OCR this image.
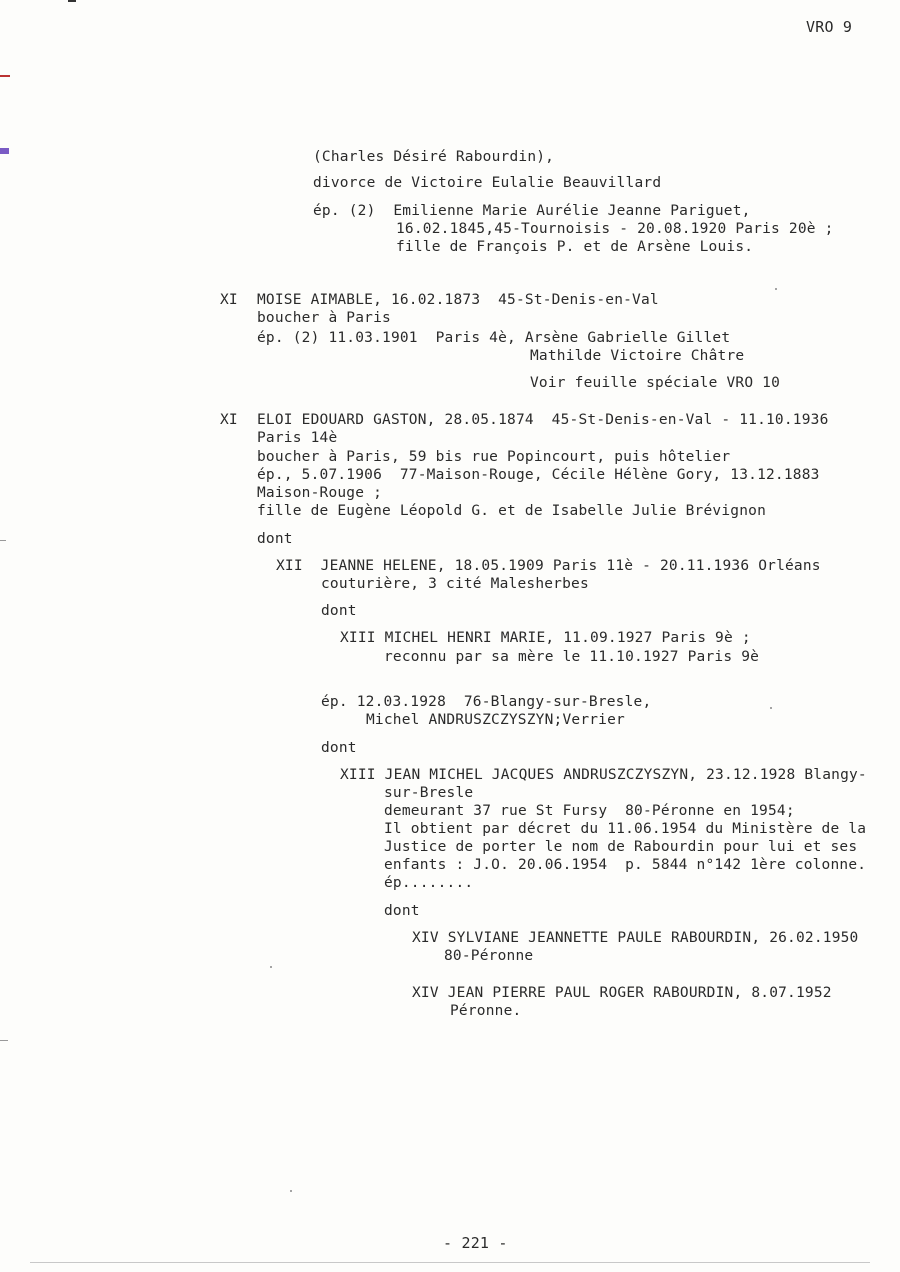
VRO 9
(Charles Désiré Rabourdin),
divorce de Victoire Eulalie Beauvillard
ép. (2)  Emilienne Marie Aurélie Jeanne Pariguet,
16.02.1845,45-Tournoisis - 20.08.1920 Paris 20è ;
fille de François P. et de Arsène Louis.
XI MOISE AIMABLE, 16.02.1873  45-St-Denis-en-Val
boucher à Paris
ép. (2) 11.03.1901  Paris 4è, Arsène Gabrielle Gillet
Mathilde Victoire Châtre
Voir feuille spéciale VRO 10
XI ELOI EDOUARD GASTON, 28.05.1874  45-St-Denis-en-Val - 11.10.1936
Paris 14è
boucher à Paris, 59 bis rue Popincourt, puis hôtelier
ép., 5.07.1906  77-Maison-Rouge, Cécile Hélène Gory, 13.12.1883
Maison-Rouge ;
fille de Eugène Léopold G. et de Isabelle Julie Brévignon
dont
XII  JEANNE HELENE, 18.05.1909 Paris 11è - 20.11.1936 Orléans
couturière, 3 cité Malesherbes
dont
XIII MICHEL HENRI MARIE, 11.09.1927 Paris 9è ;
reconnu par sa mère le 11.10.1927 Paris 9è
ép. 12.03.1928  76-Blangy-sur-Bresle,
Michel ANDRUSZCZYSZYN;Verrier
dont
XIII JEAN MICHEL JACQUES ANDRUSZCZYSZYN, 23.12.1928 Blangy-
sur-Bresle
demeurant 37 rue St Fursy  80-Péronne en 1954;
Il obtient par décret du 11.06.1954 du Ministère de la
Justice de porter le nom de Rabourdin pour lui et ses
enfants : J.O. 20.06.1954  p. 5844 n°142 1ère colonne.
ép........
dont
XIV SYLVIANE JEANNETTE PAULE RABOURDIN, 26.02.1950
80-Péronne
XIV JEAN PIERRE PAUL ROGER RABOURDIN, 8.07.1952
Péronne.
- 221 -
